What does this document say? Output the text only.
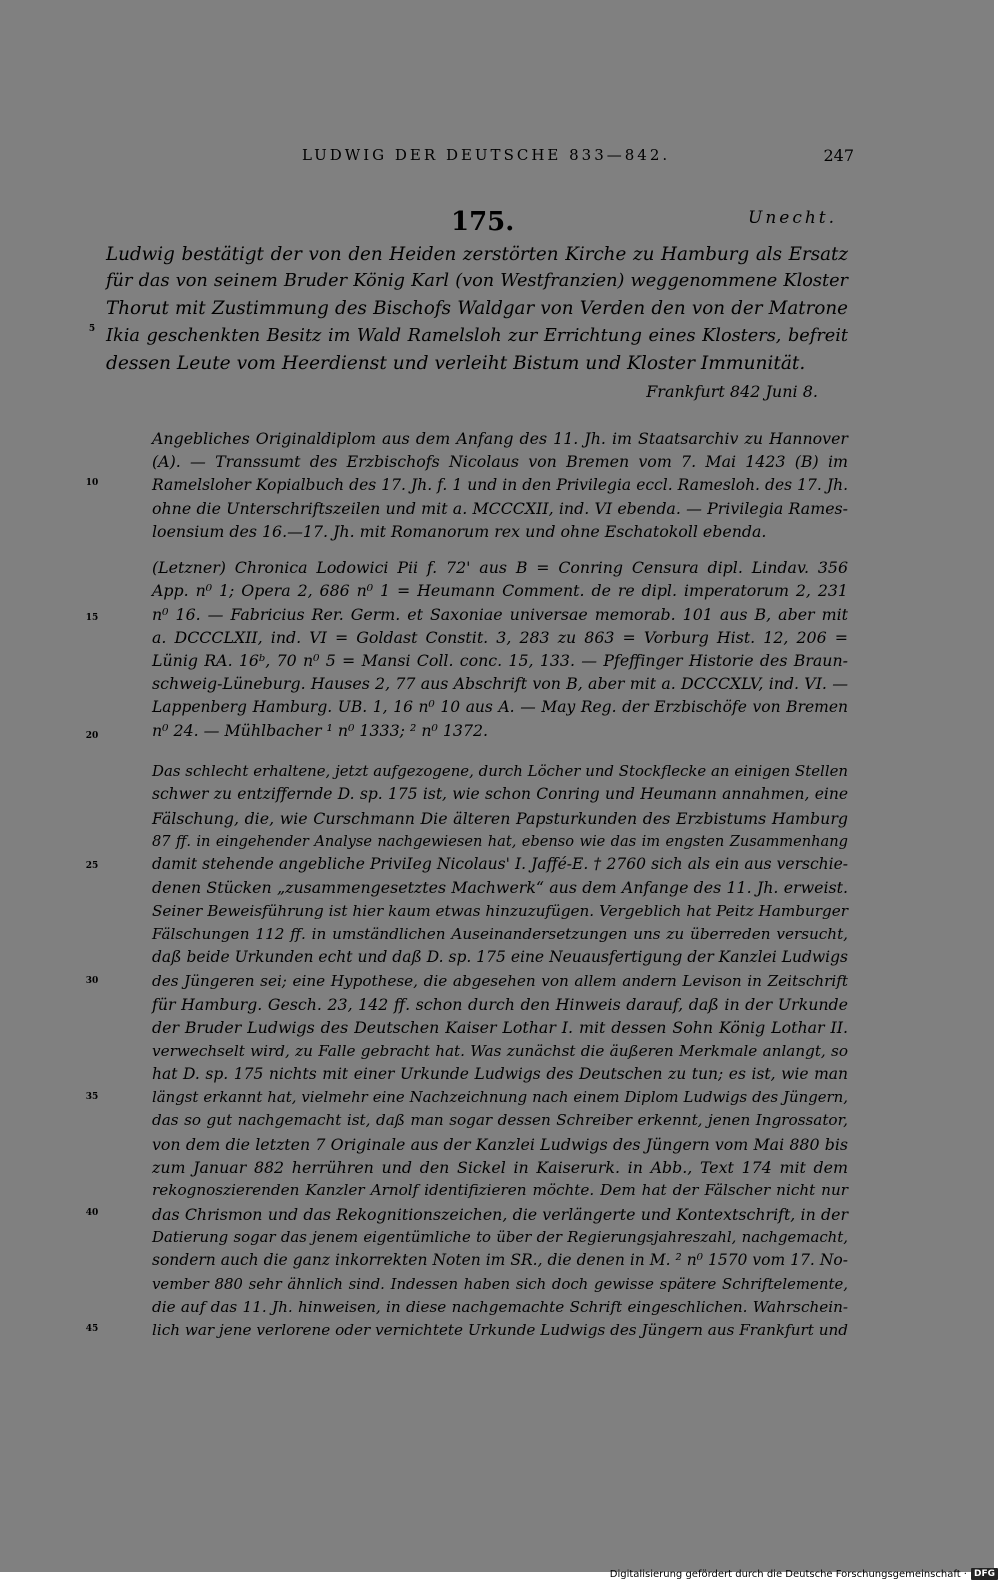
LUDWIG DER DEUTSCHE 833—842.	247
175.	Unecht.
Ludwig bestätigt der von den Heiden zerstörten Kirche zu Hamburg als Ersatz
für das von seinem Bruder König Karl (von Westfranzien) weggenommene Kloster
Thorut mit Zustimmung des Bischofs Waldgar von Verden den von der Matrone
Ikia geschenkten Besitz im Wald Ramelsloh zur Errichtung eines Klosters, befreit
dessen Leute vom Heerdienst und verleiht Bistum und Kloster Immunität.
Frankfurt 842 Juni 8.
Angebliches Originaldiplom aus dem Anfang des 11. Jh. im Staatsarchiv zu Hannover
(A). — Transsumt des Erzbischofs Nicolaus von Bremen vom 7. Mai 1423 (B) im
Ramelsloher Kopialbuch des 17. Jh. f. 1 und in den Privilegia eccl. Ramesloh. des 17. Jh.
ohne die Unterschriftszeilen und mit a. MCCCXII, ind. VI ebenda. — Privilegia Rames-
loensium des 16.—17. Jh. mit Romanorum rex und ohne Eschatokoll ebenda.
(Letzner) Chronica Lodowici Pii f. 72' aus B = Conring Censura dipl. Lindav. 356
App. n⁰ 1; Opera 2, 686 n⁰ 1 = Heumann Comment. de re dipl. imperatorum 2, 231
n⁰ 16. — Fabricius Rer. Germ. et Saxoniae universae memorab. 101 aus B, aber mit
a. DCCCLXII, ind. VI = Goldast Constit. 3, 283 zu 863 = Vorburg Hist. 12, 206 =
Lünig RA. 16ᵇ, 70 n⁰ 5 = Mansi Coll. conc. 15, 133. — Pfeffinger Historie des Braun-
schweig-Lüneburg. Hauses 2, 77 aus Abschrift von B, aber mit a. DCCCXLV, ind. VI. —
Lappenberg Hamburg. UB. 1, 16 n⁰ 10 aus A. — May Reg. der Erzbischöfe von Bremen
n⁰ 24. — Mühlbacher ¹ n⁰ 1333; ² n⁰ 1372.
Das schlecht erhaltene, jetzt aufgezogene, durch Löcher und Stockflecke an einigen Stellen
schwer zu entziffernde D. sp. 175 ist, wie schon Conring und Heumann annahmen, eine
Fälschung, die, wie Curschmann Die älteren Papsturkunden des Erzbistums Hamburg
87 ff. in eingehender Analyse nachgewiesen hat, ebenso wie das im engsten Zusammenhang
damit stehende angebliche PriviIeg Nicolaus' I. Jaffé-E. † 2760 sich als ein aus verschie-
denen Stücken „zusammengesetztes Machwerk“ aus dem Anfange des 11. Jh. erweist.
Seiner Beweisführung ist hier kaum etwas hinzuzufügen. Vergeblich hat Peitz Hamburger
Fälschungen 112 ff. in umständlichen Auseinandersetzungen uns zu überreden versucht,
daß beide Urkunden echt und daß D. sp. 175 eine Neuausfertigung der Kanzlei Ludwigs
des Jüngeren sei; eine Hypothese, die abgesehen von allem andern Levison in Zeitschrift
für Hamburg. Gesch. 23, 142 ff. schon durch den Hinweis darauf, daß in der Urkunde
der Bruder Ludwigs des Deutschen Kaiser Lothar I. mit dessen Sohn König Lothar II.
verwechselt wird, zu Falle gebracht hat. Was zunächst die äußeren Merkmale anlangt, so
hat D. sp. 175 nichts mit einer Urkunde Ludwigs des Deutschen zu tun; es ist, wie man
längst erkannt hat, vielmehr eine Nachzeichnung nach einem Diplom Ludwigs des Jüngern,
das so gut nachgemacht ist, daß man sogar dessen Schreiber erkennt, jenen Ingrossator,
von dem die letzten 7 Originale aus der Kanzlei Ludwigs des Jüngern vom Mai 880 bis
zum Januar 882 herrühren und den Sickel in Kaiserurk. in Abb., Text 174 mit dem
rekognoszierenden Kanzler Arnolf identifizieren möchte. Dem hat der Fälscher nicht nur
das Chrismon und das Rekognitionszeichen, die verlängerte und Kontextschrift, in der
Datierung sogar das jenem eigentümliche to über der Regierungsjahreszahl, nachgemacht,
sondern auch die ganz inkorrekten Noten im SR., die denen in M. ² n⁰ 1570 vom 17. No-
vember 880 sehr ähnlich sind. Indessen haben sich doch gewisse spätere Schriftelemente,
die auf das 11. Jh. hinweisen, in diese nachgemachte Schrift eingeschlichen. Wahrschein-
lich war jene verlorene oder vernichtete Urkunde Ludwigs des Jüngern aus Frankfurt und
5
10
15
20
25
30
35
40
45
Digitalisierung gefördert durch die Deutsche Forschungsgemeinschaft · DFG
